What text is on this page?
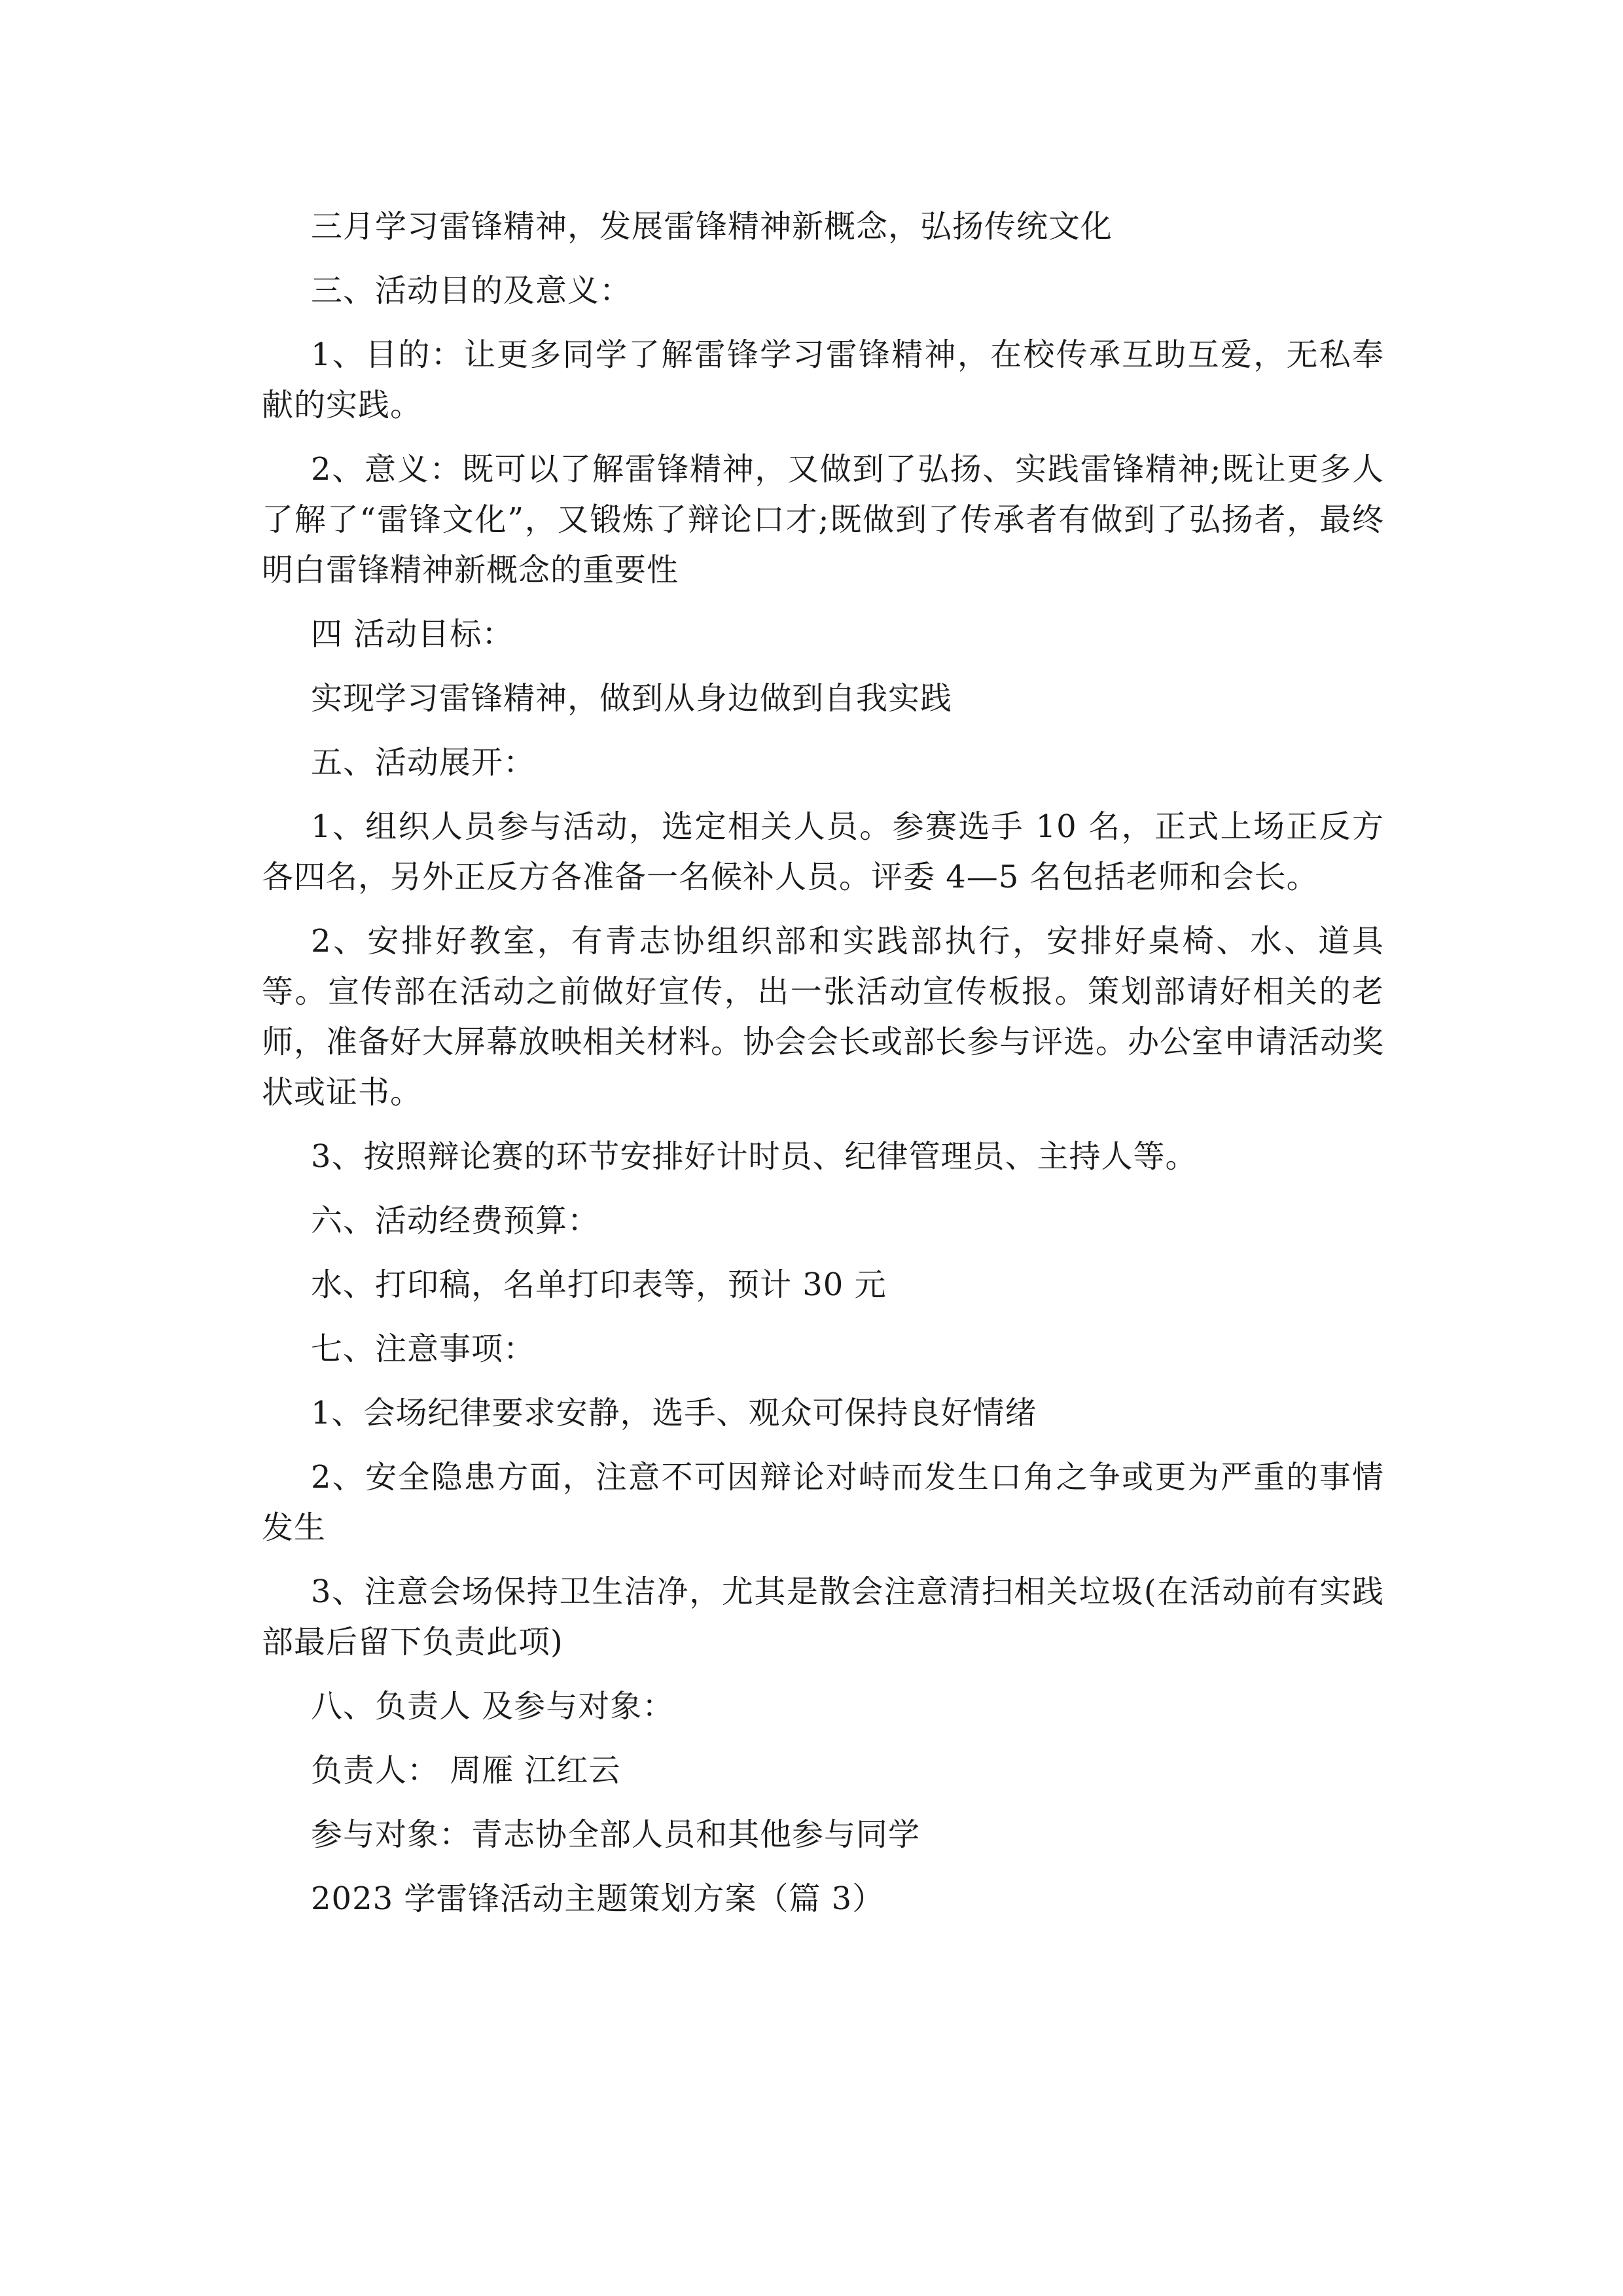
三月学习雷锋精神，发展雷锋精神新概念，弘扬传统文化

三、活动目的及意义：

1、目的：让更多同学了解雷锋学习雷锋精神，在校传承互助互爱，无私奉献的实践。

2、意义：既可以了解雷锋精神，又做到了弘扬、实践雷锋精神;既让更多人了解了“雷锋文化”，又锻炼了辩论口才;既做到了传承者有做到了弘扬者，最终明白雷锋精神新概念的重要性

四 活动目标：

实现学习雷锋精神，做到从身边做到自我实践

五、活动展开：

1、组织人员参与活动，选定相关人员。参赛选手 10 名，正式上场正反方各四名，另外正反方各准备一名候补人员。评委 4—5 名包括老师和会长。

2、安排好教室，有青志协组织部和实践部执行，安排好桌椅、水、道具等。宣传部在活动之前做好宣传，出一张活动宣传板报。策划部请好相关的老师，准备好大屏幕放映相关材料。协会会长或部长参与评选。办公室申请活动奖状或证书。

3、按照辩论赛的环节安排好计时员、纪律管理员、主持人等。

六、活动经费预算：

水、打印稿，名单打印表等，预计 30 元

七、注意事项：

1、会场纪律要求安静，选手、观众可保持良好情绪

2、安全隐患方面，注意不可因辩论对峙而发生口角之争或更为严重的事情发生

3、注意会场保持卫生洁净，尤其是散会注意清扫相关垃圾(在活动前有实践部最后留下负责此项)

八、负责人 及参与对象：

负责人： 周雁 江红云

参与对象：青志协全部人员和其他参与同学

2023 学雷锋活动主题策划方案（篇 3）
